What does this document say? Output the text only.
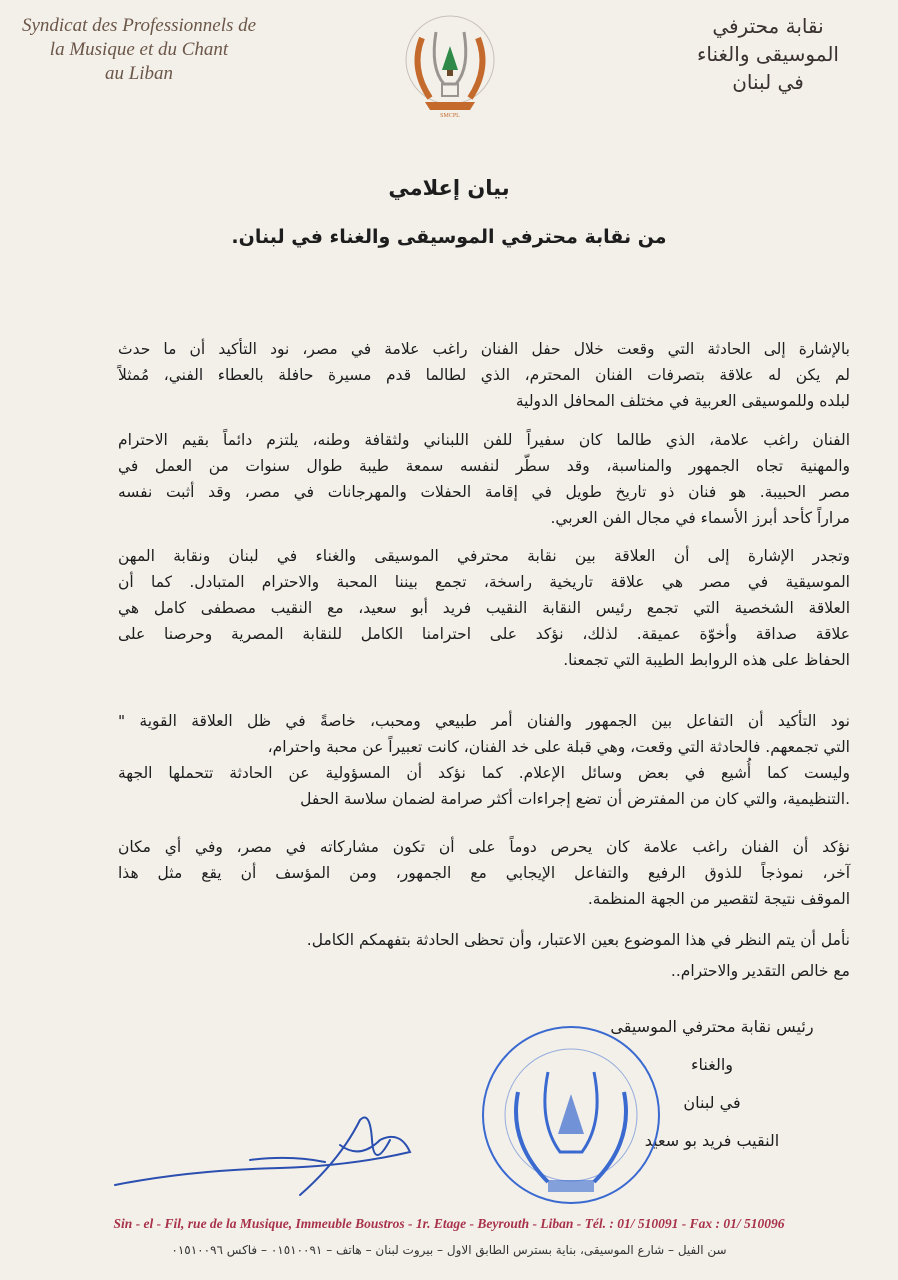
Syndicat des Professionnels de
la Musique et du Chant
au Liban
SMCPL
نقابة محترفي
الموسيقى والغناء
في لبنان
بيان إعلامي
من نقابة محترفي الموسيقى والغناء في لبنان.
بالإشارة إلى الحادثة التي وقعت خلال حفل الفنان راغب علامة في مصر، نود التأكيد أن ما حدث
لم يكن له علاقة بتصرفات الفنان المحترم، الذي لطالما قدم مسيرة حافلة بالعطاء الفني، مُمثلاً
لبلده وللموسيقى العربية في مختلف المحافل الدولية
الفنان راغب علامة، الذي طالما كان سفيراً للفن اللبناني ولثقافة وطنه، يلتزم دائماً بقيم الاحترام
والمهنية تجاه الجمهور والمناسبة، وقد سطّر لنفسه سمعة طيبة طوال سنوات من العمل في
مصر الحبيبة. هو فنان ذو تاريخ طويل في إقامة الحفلات والمهرجانات في مصر، وقد أثبت نفسه
مراراً كأحد أبرز الأسماء في مجال الفن العربي.
وتجدر الإشارة إلى أن العلاقة بين نقابة محترفي الموسيقى والغناء في لبنان ونقابة المهن
الموسيقية في مصر هي علاقة تاريخية راسخة، تجمع بيننا المحبة والاحترام المتبادل. كما أن
العلاقة الشخصية التي تجمع رئيس النقابة النقيب فريد أبو سعيد، مع النقيب مصطفى كامل هي
علاقة صداقة وأخوّة عميقة. لذلك، نؤكد على احترامنا الكامل للنقابة المصرية وحرصنا على
الحفاظ على هذه الروابط الطيبة التي تجمعنا.
نود التأكيد أن التفاعل بين الجمهور والفنان أمر طبيعي ومحبب، خاصةً في ظل العلاقة القوية "
التي تجمعهم. فالحادثة التي وقعت، وهي قبلة على خد الفنان، كانت تعبيراً عن محبة واحترام،
وليست كما أُشيع في بعض وسائل الإعلام. كما نؤكد أن المسؤولية عن الحادثة تتحملها الجهة
.التنظيمية، والتي كان من المفترض أن تضع إجراءات أكثر صرامة لضمان سلاسة الحفل
نؤكد أن الفنان راغب علامة كان يحرص دوماً على أن تكون مشاركاته في مصر، وفي أي مكان
آخر، نموذجاً للذوق الرفيع والتفاعل الإيجابي مع الجمهور، ومن المؤسف أن يقع مثل هذا
الموقف نتيجة لتقصير من الجهة المنظمة.
نأمل أن يتم النظر في هذا الموضوع بعين الاعتبار، وأن تحظى الحادثة بتفهمكم الكامل.
مع خالص التقدير والاحترام..
رئيس نقابة محترفي الموسيقى والغناء
في لبنان
النقيب فريد بو سعيد
Sin - el - Fil, rue de la Musique, Immeuble Boustros - 1r. Etage - Beyrouth - Liban - Tél. : 01/ 510091 - Fax : 01/ 510096
سن الفيل – شارع الموسيقى، بناية بسترس الطابق الاول – بيروت لبنان – هاتف – ٠١٥١٠٠٩١ – فاكس ٠١٥١٠٠٩٦
